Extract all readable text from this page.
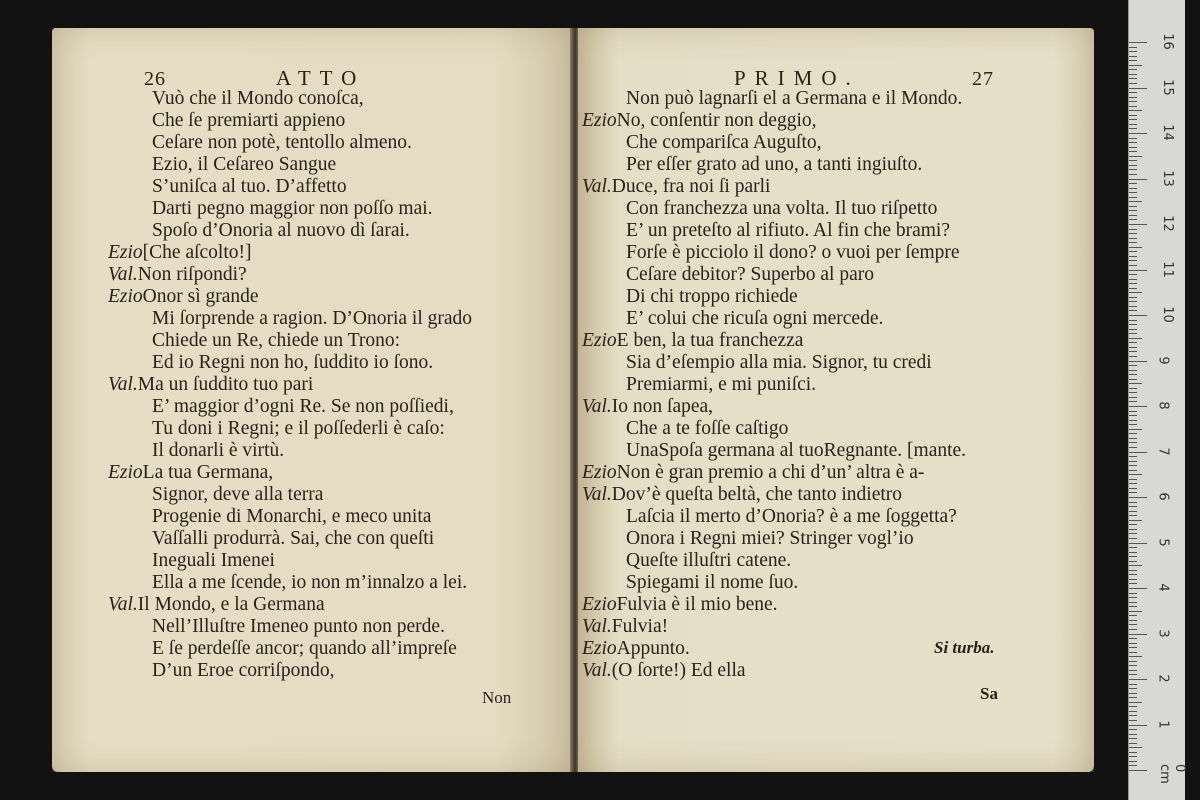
26	ATTO
Vuò che il Mondo conoſca,
Che ſe premiarti appieno
Ceſare non potè, tentollo almeno.
Ezio, il Ceſareo Sangue
S’uniſca al tuo. D’affetto
Darti pegno maggior non poſſo mai.
Spoſo d’Onoria al nuovo dì ſarai.
Ezio[Che aſcolto!]
Val.Non riſpondi?
EzioOnor sì grande
Mi ſorprende a ragion. D’Onoria il grado
Chiede un Re, chiede un Trono:
Ed io Regni non ho, ſuddito io ſono.
Val.Ma un ſuddito tuo pari
E’ maggior d’ogni Re. Se non poſſiedi,
Tu doni i Regni; e il poſſederli è caſo:
Il donarli è virtù.
EzioLa tua Germana,
Signor, deve alla terra
Progenie di Monarchi, e meco unita
Vaſſalli produrrà. Sai, che con queſti
Ineguali Imenei
Ella a me ſcende, io non m’innalzo a lei.
Val.Il Mondo, e la Germana
Nell’Illuſtre Imeneo punto non perde.
E ſe perdeſſe ancor; quando all’impreſe
D’un Eroe corriſpondo,
Non
PRIMO.	27
Non può lagnarſi el a Germana e il Mondo.
EzioNo, conſentir non deggio,
Che compariſca Auguſto,
Per eſſer grato ad uno, a tanti ingiuſto.
Val.Duce, fra noi ſi parli
Con franchezza una volta. Il tuo riſpetto
E’ un preteſto al rifiuto. Al fin che brami?
Forſe è picciolo il dono? o vuoi per ſempre
Ceſare debitor? Superbo al paro
Di chi troppo richiede
E’ colui che ricuſa ogni mercede.
EzioE ben, la tua franchezza
Sia d’eſempio alla mia. Signor, tu credi
Premiarmi, e mi puniſci.
Val.Io non ſapea,
Che a te foſſe caſtigo
UnaSpoſa germana al tuoRegnante. [mante.
EzioNon è gran premio a chi d’un’ altra è a-
Val.Dov’è queſta beltà, che tanto indietro
Laſcia il merto d’Onoria? è a me ſoggetta?
Onora i Regni miei? Stringer vogl’io
Queſte illuſtri catene.
Spiegami il nome ſuo.
EzioFulvia è il mio bene.
Val.Fulvia!
EzioAppunto.
Val.(O ſorte!) Ed ella
Si turba.
Sa
0 cm
1
2
3
4
5
6
7
8
9
10
11
12
13
14
15
16
